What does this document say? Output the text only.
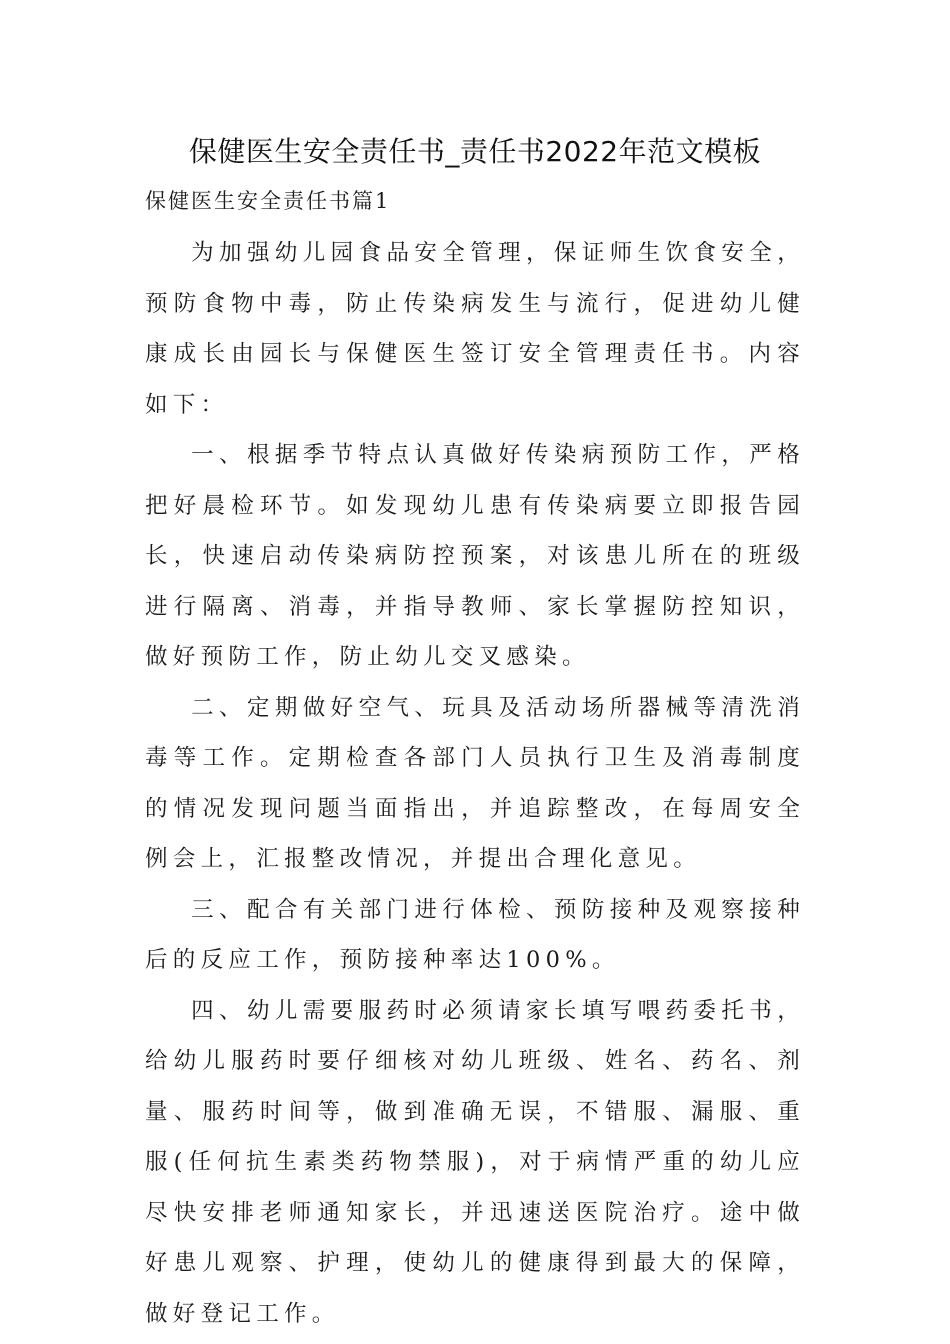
保健医生安全责任书_责任书2022年范文模板
保健医生安全责任书篇1

为加强幼儿园食品安全管理，保证师生饮食安全，预防食物中毒，防止传染病发生与流行，促进幼儿健康成长由园长与保健医生签订安全管理责任书。内容如下：

一、根据季节特点认真做好传染病预防工作，严格把好晨检环节。如发现幼儿患有传染病要立即报告园长，快速启动传染病防控预案，对该患儿所在的班级进行隔离、消毒，并指导教师、家长掌握防控知识，做好预防工作，防止幼儿交叉感染。

二、定期做好空气、玩具及活动场所器械等清洗消毒等工作。定期检查各部门人员执行卫生及消毒制度的情况发现问题当面指出，并追踪整改，在每周安全例会上，汇报整改情况，并提出合理化意见。

三、配合有关部门进行体检、预防接种及观察接种后的反应工作，预防接种率达100%。

四、幼儿需要服药时必须请家长填写喂药委托书，给幼儿服药时要仔细核对幼儿班级、姓名、药名、剂量、服药时间等，做到准确无误，不错服、漏服、重服(任何抗生素类药物禁服)，对于病情严重的幼儿应尽快安排老师通知家长，并迅速送医院治疗。途中做好患儿观察、护理，使幼儿的健康得到最大的保障，做好登记工作。
